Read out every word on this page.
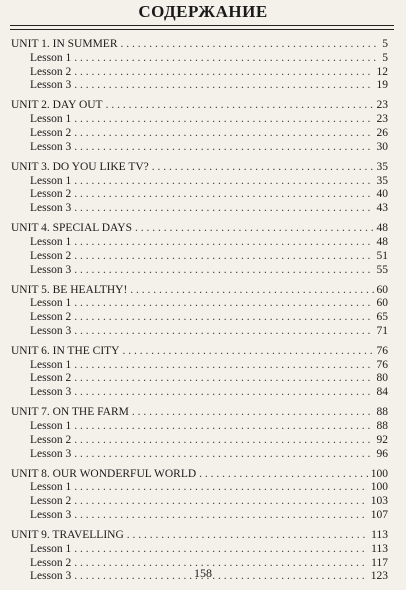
СОДЕРЖАНИЕ
UNIT 1. IN SUMMER . . .	5
Lesson 1 . . .	5
Lesson 2 . . .	12
Lesson 3 . . .	19
UNIT 2. DAY OUT . . .	23
Lesson 1 . . .	23
Lesson 2 . . .	26
Lesson 3 . . .	30
UNIT 3. DO YOU LIKE TV? . . .	35
Lesson 1 . . .	35
Lesson 2 . . .	40
Lesson 3 . . .	43
UNIT 4. SPECIAL DAYS . . .	48
Lesson 1 . . .	48
Lesson 2 . . .	51
Lesson 3 . . .	55
UNIT 5. BE HEALTHY! . . .	60
Lesson 1 . . .	60
Lesson 2 . . .	65
Lesson 3 . . .	71
UNIT 6. IN THE CITY . . .	76
Lesson 1 . . .	76
Lesson 2 . . .	80
Lesson 3 . . .	84
UNIT 7. ON THE FARM . . .	88
Lesson 1 . . .	88
Lesson 2 . . .	92
Lesson 3 . . .	96
UNIT 8. OUR WONDERFUL WORLD . . .	100
Lesson 1 . . .	100
Lesson 2 . . .	103
Lesson 3 . . .	107
UNIT 9. TRAVELLING . . .	113
Lesson 1 . . .	113
Lesson 2 . . .	117
Lesson 3 . . .	123
158
